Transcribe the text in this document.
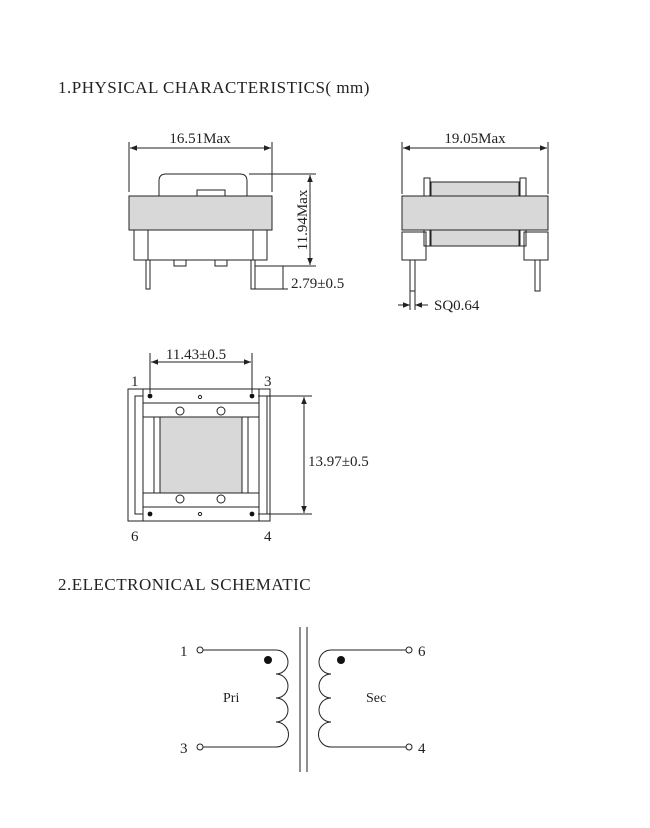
1.PHYSICAL CHARACTERISTICS( mm)
2.ELECTRONICAL SCHEMATIC
16.51Max
11.94Max
2.79±0.5
19.05Max
SQ0.64
11.43±0.5
13.97±0.5
1	3
6	4
1
3
6
4
Pri	Sec
